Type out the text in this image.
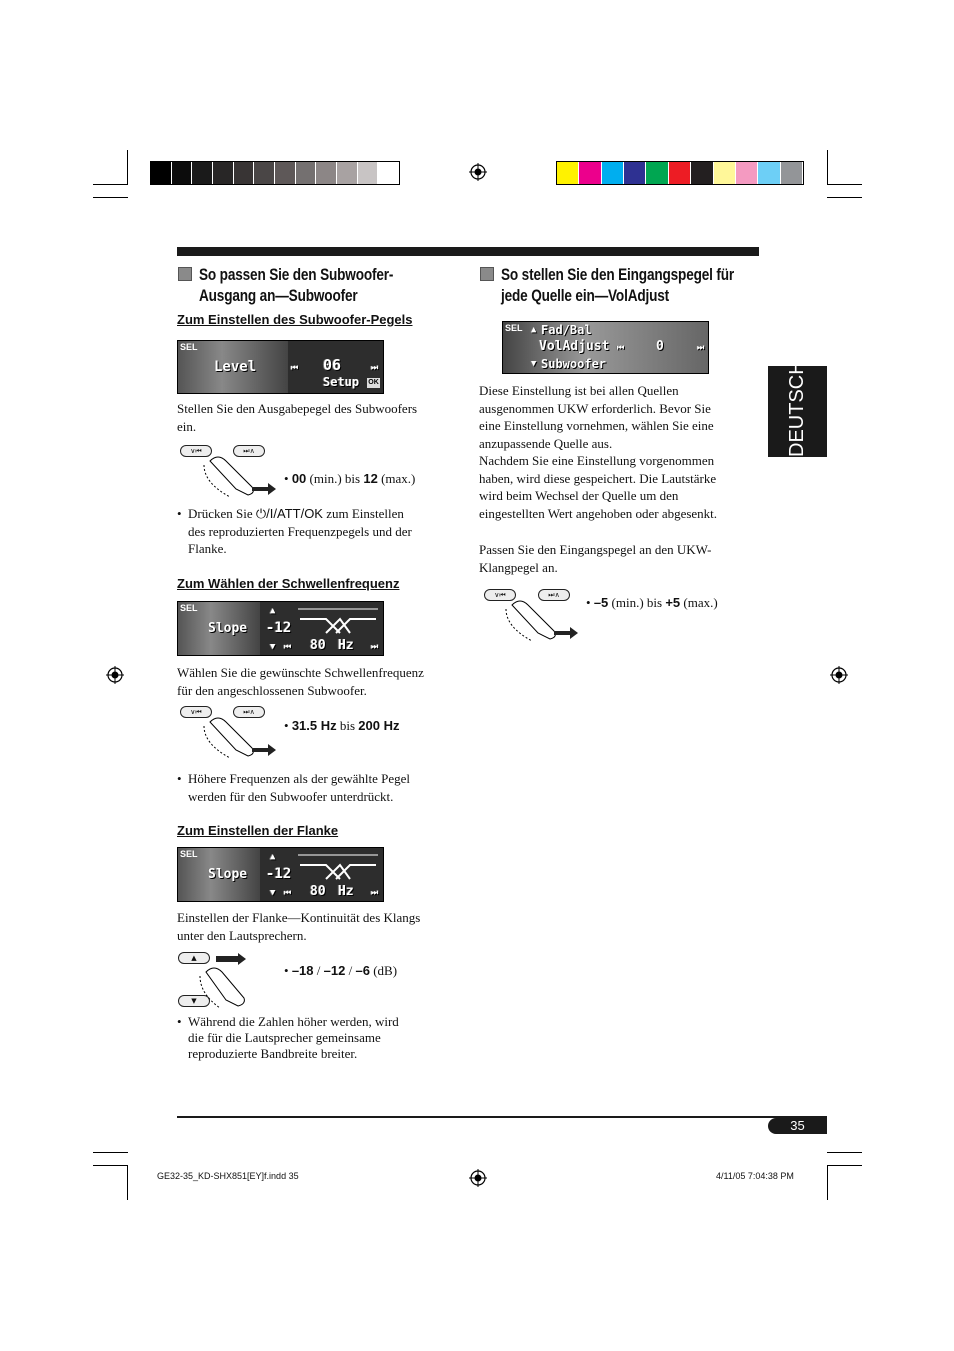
DEUTSCH
So passen Sie den Subwoofer-
Ausgang an—Subwoofer
Zum Einstellen des Subwoofer-Pegels
SEL
Level	⏮ 06	⏭
Setup OK
Stellen Sie den Ausgabepegel des Subwoofers
ein.
∨⏮	⏭∧
• 00 (min.) bis 12 (max.)
• Drücken Sie ⏻/I/ATT/OK zum Einstellen
des reproduzierten Frequenzpegels und der
Flanke.
Zum Wählen der Schwellenfrequenz
SEL
Slope
▲
-12
▼ ⏮ 80 Hz ⏭
Wählen Sie die gewünschte Schwellenfrequenz
für den angeschlossenen Subwoofer.
∨⏮	⏭∧
• 31.5 Hz bis 200 Hz
• Höhere Frequenzen als der gewählte Pegel
werden für den Subwoofer unterdrückt.
Zum Einstellen der Flanke
SEL
Slope
▲
-12
▼ ⏮ 80 Hz ⏭
Einstellen der Flanke—Kontinuität des Klangs
unter den Lautsprechern.
▲
▼
• –18 / –12 / –6 (dB)
• Während die Zahlen höher werden, wird
die für die Lautsprecher gemeinsame
reproduzierte Bandbreite breiter.
So stellen Sie den Eingangspegel für
jede Quelle ein—VolAdjust
SEL ▲ Fad/Bal
VolAdjust ⏮ 0	⏭
▼ Subwoofer
Diese Einstellung ist bei allen Quellen
ausgenommen UKW erforderlich. Bevor Sie
eine Einstellung vornehmen, wählen Sie eine
anzupassende Quelle aus.
Nachdem Sie eine Einstellung vorgenommen
haben, wird diese gespeichert. Die Lautstärke
wird beim Wechsel der Quelle um den
eingestellten Wert angehoben oder abgesenkt.
Passen Sie den Eingangspegel an den UKW-
Klangpegel an.
∨⏮	⏭∧	• –5 (min.) bis +5 (max.)
35
GE32-35_KD-SHX851[EY]f.indd 35	4/11/05 7:04:38 PM
